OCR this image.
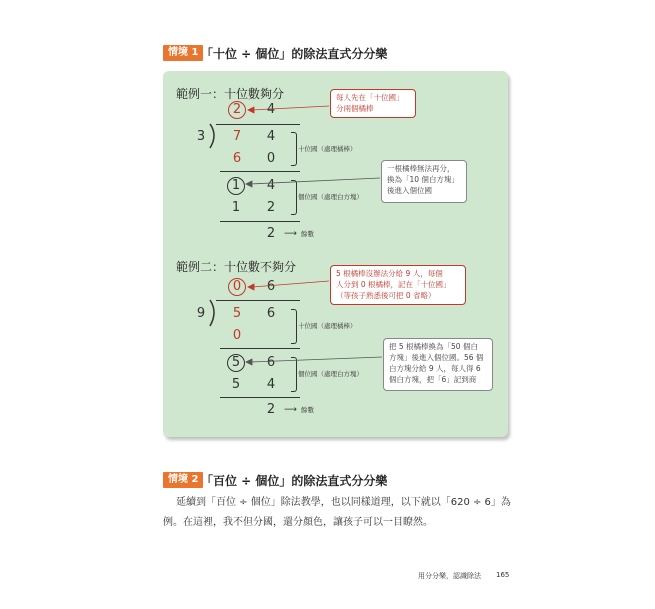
情境 1 「十位 ÷ 個位」的除法直式分分樂
範例一：十位數夠分
2 4
3 7 4
6 0
十位國（處理橘棒）
1 4
1 2
個位國（處理白方塊）
2 ⟶ 餘數
每人先在「十位國」
分兩個橘棒
一根橘棒無法再分，
換為「10 個白方塊」
後進入個位國
範例二：十位數不夠分
0 6
9 5 6
0
十位國（處理橘棒）
5 6
5 4
個位國（處理白方塊）
2 ⟶ 餘數
5 根橘棒沒辦法分給 9 人，每個
人分到 0 根橘棒，記在「十位國」
（等孩子熟悉後可把 0 省略）
把 5 根橘棒換為「50 個白
方塊」後進入個位國。56 個
白方塊分給 9 人，每人得 6
個白方塊，把「6」記到商
情境 2 「百位 ÷ 個位」的除法直式分分樂
延續到「百位 ÷ 個位」除法教學，也以同樣道理，以下就以「620 ÷ 6」為
例。在這裡，我不但分國，還分顏色，讓孩子可以一目瞭然。
用分分樂，認識除法 165
